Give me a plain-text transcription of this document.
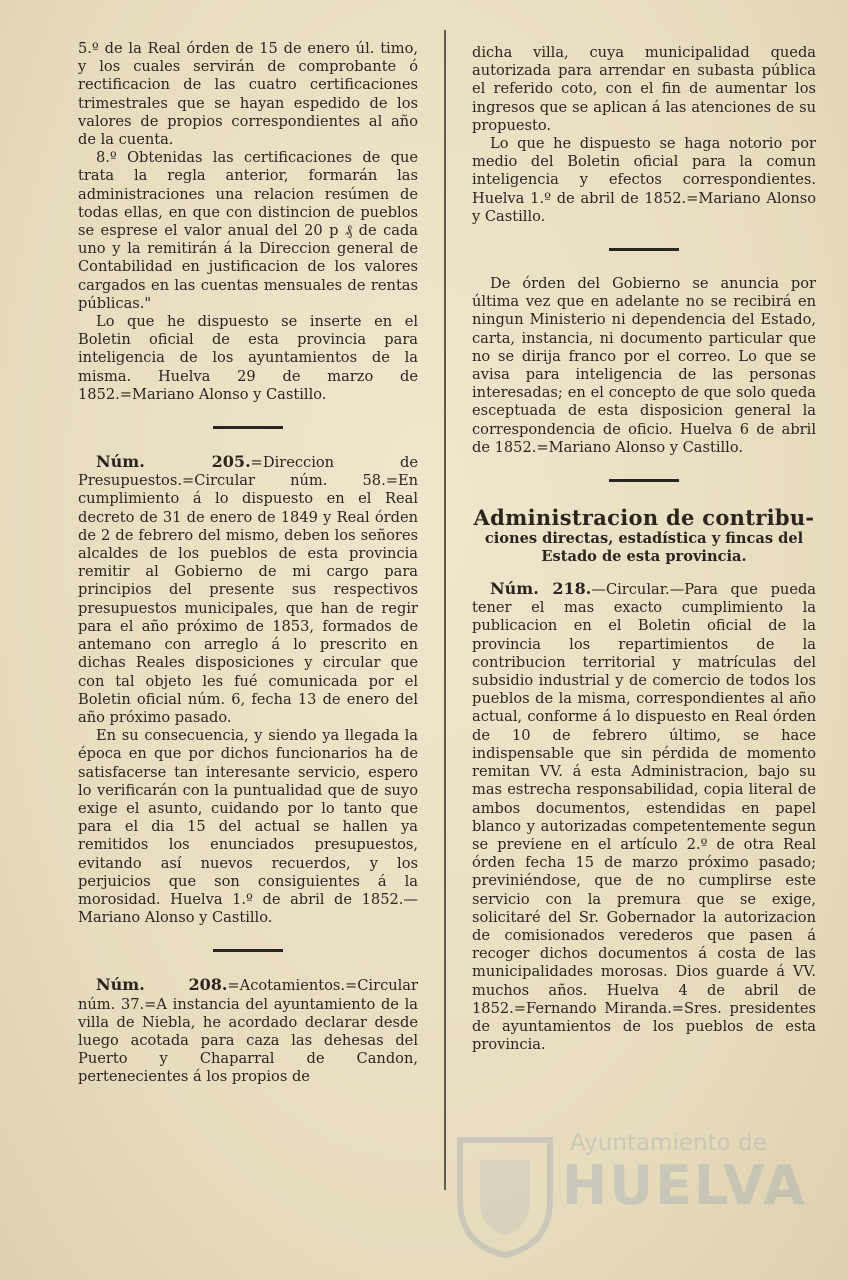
5.º de la Real órden de 15 de enero úl. timo, y los cuales servirán de comprobante ó rectificacion de las cuatro certificaciones trimestrales que se hayan espedido de los valores de propios correspondientes al año de la cuenta.

8.º Obtenidas las certificaciones de que trata la regla anterior, formarán las administraciones una relacion resúmen de todas ellas, en que con distincion de pueblos se esprese el valor anual del 20 p ₰ de cada uno y la remitirán á la Direccion general de Contabilidad en justificacion de los valores cargados en las cuentas mensuales de rentas públicas."

Lo que he dispuesto se inserte en el Boletin oficial de esta provincia para inteligencia de los ayuntamientos de la misma. Huelva 29 de marzo de 1852.=Mariano Alonso y Castillo.

Núm. 205.=Direccion de Presupuestos.=Circular núm. 58.=En cumplimiento á lo dispuesto en el Real decreto de 31 de enero de 1849 y Real órden de 2 de febrero del mismo, deben los señores alcaldes de los pueblos de esta provincia remitir al Gobierno de mi cargo para principios del presente sus respectivos presupuestos municipales, que han de regir para el año próximo de 1853, formados de antemano con arreglo á lo prescrito en dichas Reales disposiciones y circular que con tal objeto les fué comunicada por el Boletin oficial núm. 6, fecha 13 de enero del año próximo pasado.

En su consecuencia, y siendo ya llegada la época en que por dichos funcionarios ha de satisfacerse tan interesante servicio, espero lo verificarán con la puntualidad que de suyo exige el asunto, cuidando por lo tanto que para el dia 15 del actual se hallen ya remitidos los enunciados presupuestos, evitando así nuevos recuerdos, y los perjuicios que son consiguientes á la morosidad. Huelva 1.º de abril de 1852.—Mariano Alonso y Castillo.

Núm. 208.=Acotamientos.=Circular núm. 37.=A instancia del ayuntamiento de la villa de Niebla, he acordado declarar desde luego acotada para caza las dehesas del Puerto y Chaparral de Candon, pertenecientes á los propios de

dicha villa, cuya municipalidad queda autorizada para arrendar en subasta pública el referido coto, con el fin de aumentar los ingresos que se aplican á las atenciones de su propuesto.

Lo que he dispuesto se haga notorio por medio del Boletin oficial para la comun inteligencia y efectos correspondientes. Huelva 1.º de abril de 1852.=Mariano Alonso y Castillo.

De órden del Gobierno se anuncia por última vez que en adelante no se recibirá en ningun Ministerio ni dependencia del Estado, carta, instancia, ni documento particular que no se dirija franco por el correo. Lo que se avisa para inteligencia de las personas interesadas; en el concepto de que solo queda esceptuada de esta disposicion general la correspondencia de oficio. Huelva 6 de abril de 1852.=Mariano Alonso y Castillo.

Administracion de contribu-
ciones directas, estadística y fincas del Estado de esta provincia.

Núm. 218.—Circular.—Para que pueda tener el mas exacto cumplimiento la publicacion en el Boletin oficial de la provincia los repartimientos de la contribucion territorial y matrículas del subsidio industrial y de comercio de todos los pueblos de la misma, correspondientes al año actual, conforme á lo dispuesto en Real órden de 10 de febrero último, se hace indispensable que sin pérdida de momento remitan VV. á esta Administracion, bajo su mas estrecha responsabilidad, copia literal de ambos documentos, estendidas en papel blanco y autorizadas competentemente segun se previene en el artículo 2.º de otra Real órden fecha 15 de marzo próximo pasado; previniéndose, que de no cumplirse este servicio con la premura que se exige, solicitaré del Sr. Gobernador la autorizacion de comisionados verederos que pasen á recoger dichos documentos á costa de las municipalidades morosas. Dios guarde á VV. muchos años. Huelva 4 de abril de 1852.=Fernando Miranda.=Sres. presidentes de ayuntamientos de los pueblos de esta provincia.

Ayuntamiento de
HUELVA
